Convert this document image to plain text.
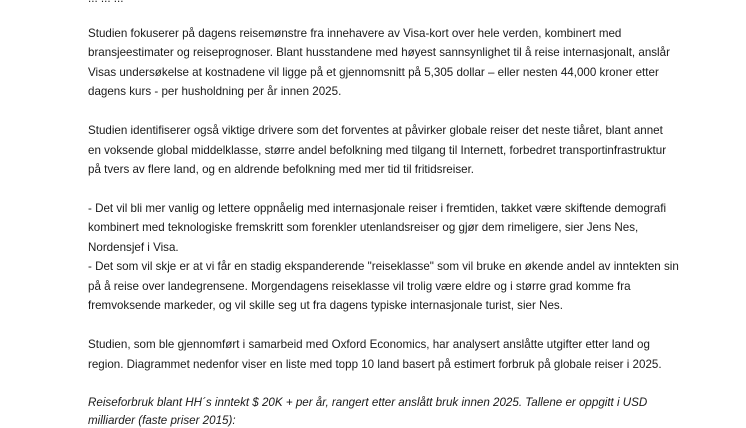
Studien fokuserer på dagens reisemønstre fra innehavere av Visa-kort over hele verden, kombinert med
bransjeestimater og reiseprognoser. Blant husstandene med høyest sannsynlighet til å reise internasjonalt, anslår
Visas undersøkelse at kostnadene vil ligge på et gjennomsnitt på 5,305 dollar – eller nesten 44,000 kroner etter
dagens kurs - per husholdning per år innen 2025.
Studien identifiserer også viktige drivere som det forventes at påvirker globale reiser det neste tiåret, blant annet
en voksende global middelklasse, større andel befolkning med tilgang til Internett, forbedret transportinfrastruktur
på tvers av flere land, og en aldrende befolkning med mer tid til fritidsreiser.
- Det vil bli mer vanlig og lettere oppnåelig med internasjonale reiser i fremtiden, takket være skiftende demografi
kombinert med teknologiske fremskritt som forenkler utenlandsreiser og gjør dem rimeligere, sier Jens Nes,
Nordensjef i Visa.
- Det som vil skje er at vi får en stadig ekspanderende "reiseklasse" som vil bruke en økende andel av inntekten sin
på å reise over landegrensene. Morgendagens reiseklasse vil trolig være eldre og i større grad komme fra
fremvoksende markeder, og vil skille seg ut fra dagens typiske internasjonale turist, sier Nes.
Studien, som ble gjennomført i samarbeid med Oxford Economics, har analysert anslåtte utgifter etter land og
region. Diagrammet nedenfor viser en liste med topp 10 land basert på estimert forbruk på globale reiser i 2025.
Reiseforbruk blant HH´s inntekt $ 20K + per år, rangert etter anslått bruk innen 2025. Tallene er oppgitt i USD
milliarder (faste priser 2015):
